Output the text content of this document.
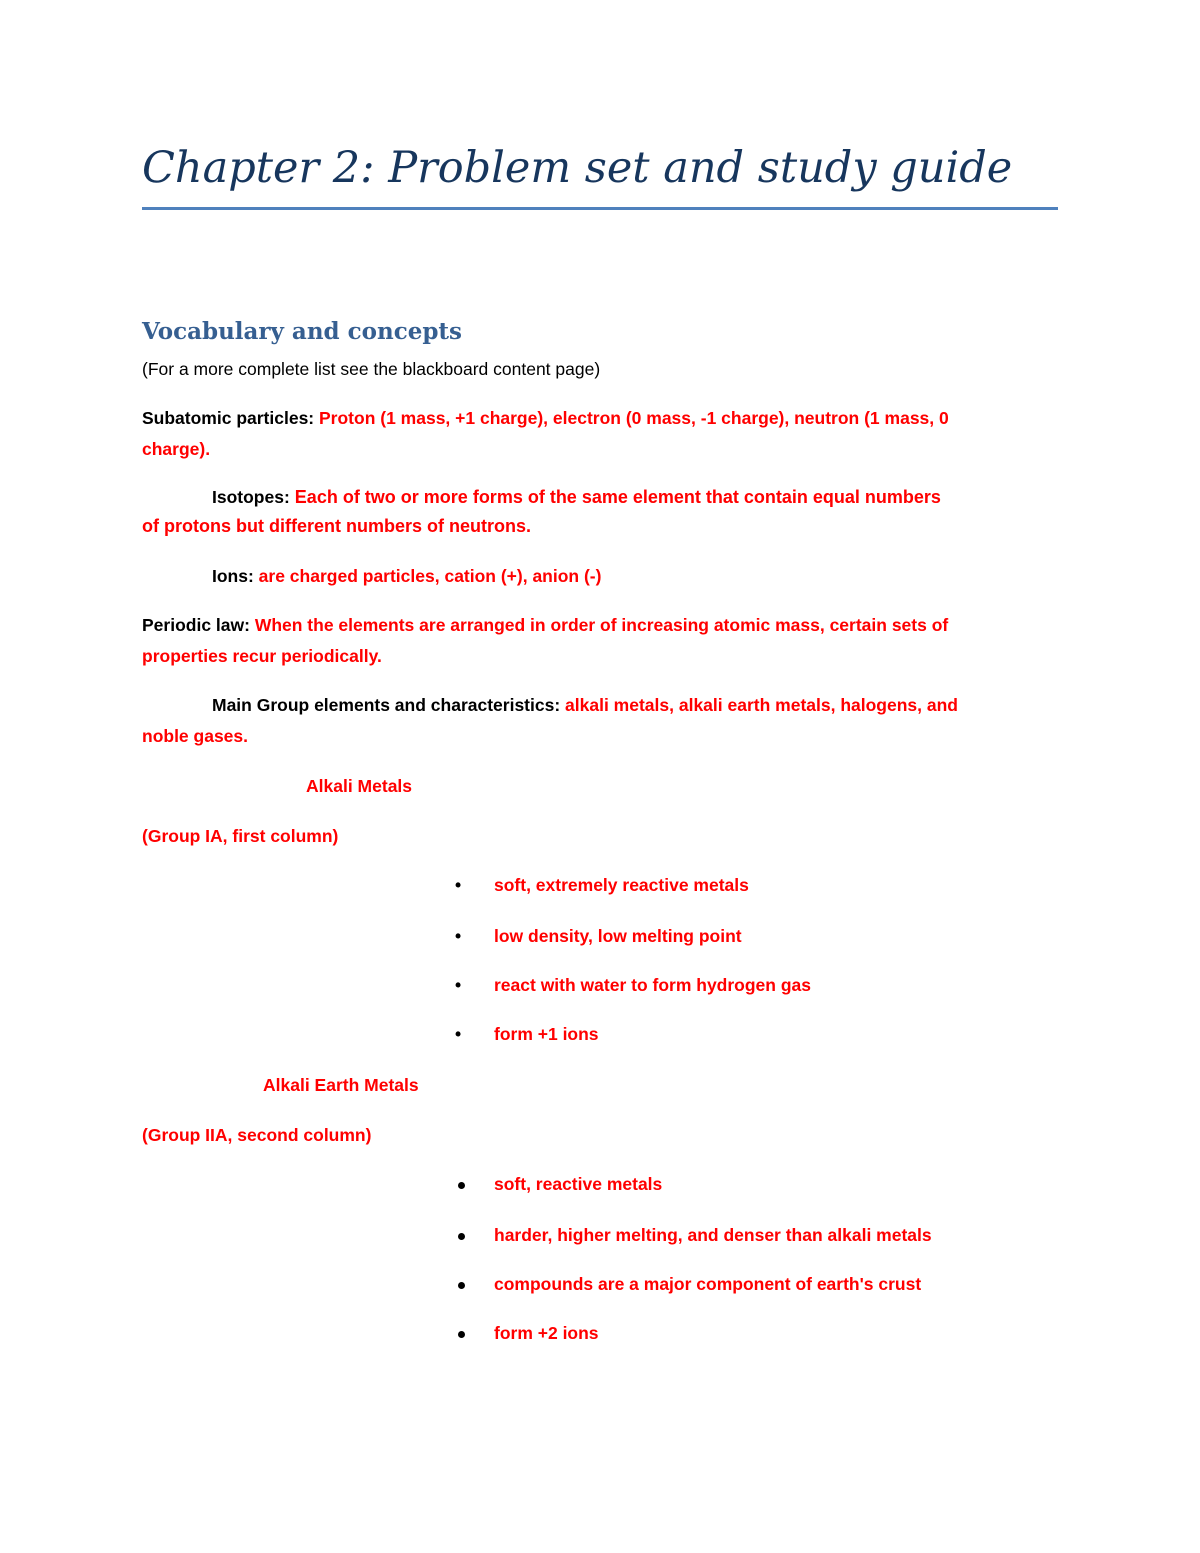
Chapter 2: Problem set and study guide
Vocabulary and concepts
(For a more complete list see the blackboard content page)
Subatomic particles: Proton (1 mass, +1 charge), electron (0 mass, -1 charge), neutron (1 mass, 0
charge).
Isotopes: Each of two or more forms of the same element that contain equal numbers
of protons but different numbers of neutrons.
Ions: are charged particles, cation (+), anion (-)
Periodic law: When the elements are arranged in order of increasing atomic mass, certain sets of
properties recur periodically.
Main Group elements and characteristics: alkali metals, alkali earth metals, halogens, and
noble gases.
Alkali Metals
(Group IA, first column)
•	soft, extremely reactive metals
•	low density, low melting point
•	react with water to form hydrogen gas
•	form +1 ions
Alkali Earth Metals
(Group IIA, second column)
soft, reactive metals
harder, higher melting, and denser than alkali metals
compounds are a major component of earth's crust
form +2 ions
